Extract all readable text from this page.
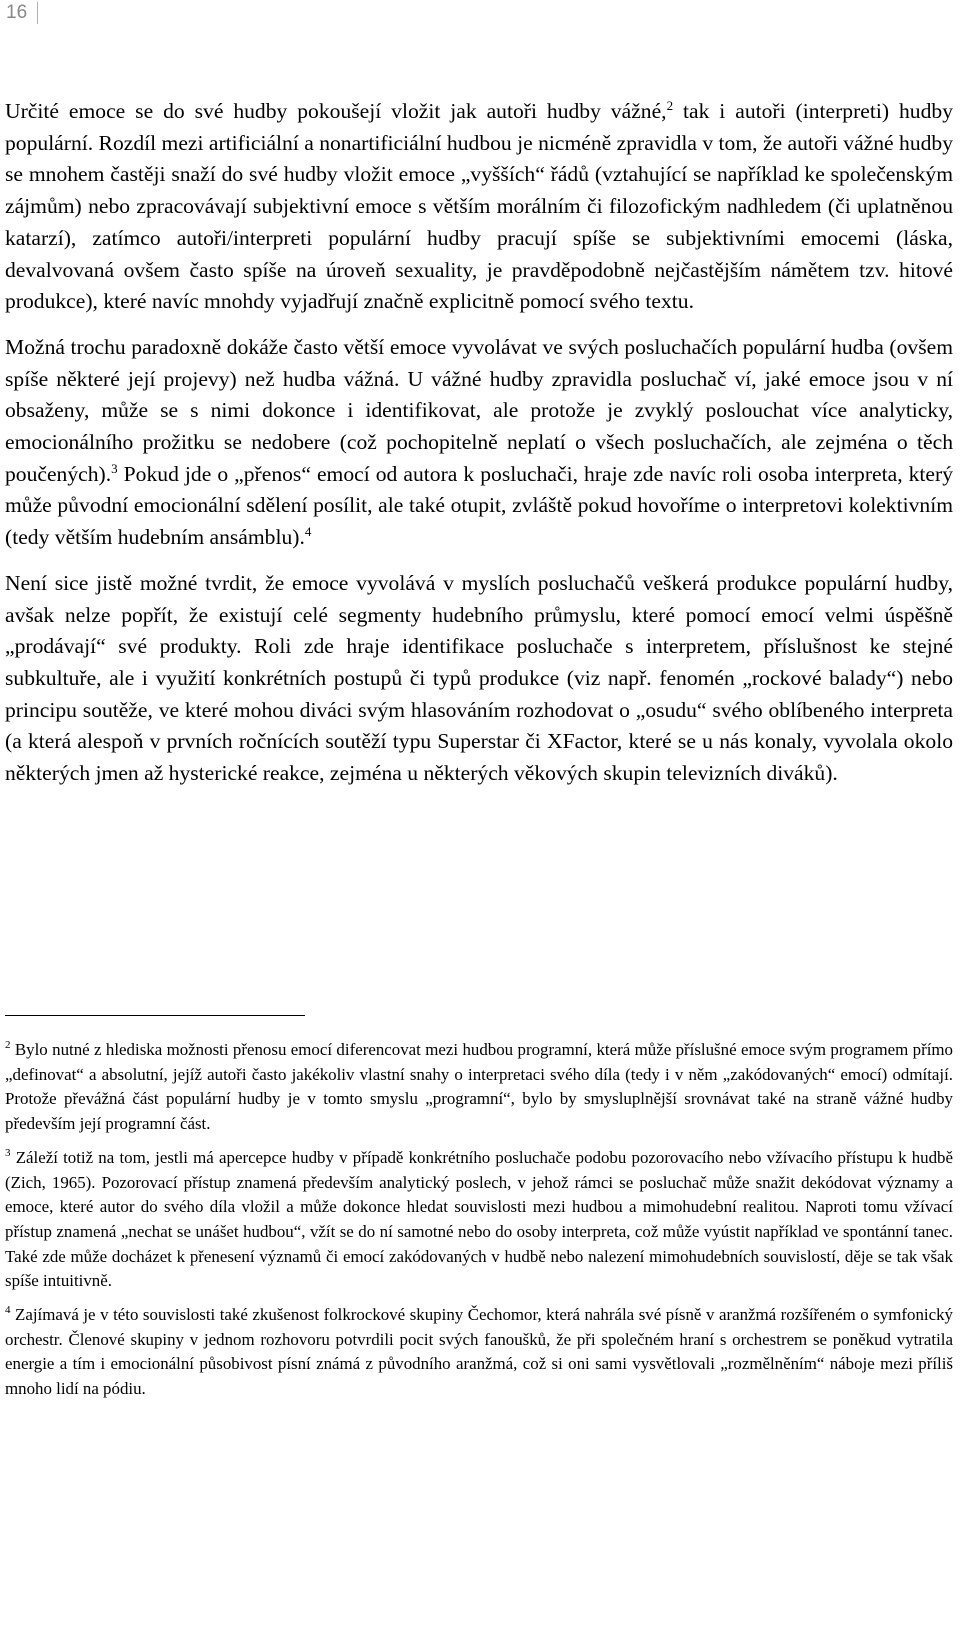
16

Určité emoce se do své hudby pokoušejí vložit jak autoři hudby vážné,$^2$ tak i autoři (interpreti) hudby populární. Rozdíl mezi artificiální a nonartificiální hudbou je nicméně zpravidla v tom, že autoři vážné hudby se mnohem častěji snaží do své hudby vložit emoce „vyšších“ řádů (vztahující se například ke společenským zájmům) nebo zpracovávají subjektivní emoce s větším morálním či filozofickým nadhledem (či uplatněnou katarzí), zatímco autoři/interpreti populární hudby pracují spíše se subjektivními emocemi (láska, devalvovaná ovšem často spíše na úroveň sexuality, je pravděpodobně nejčastějším námětem tzv. hitové produkce), které navíc mnohdy vyjadřují značně explicitně pomocí svého textu.

Možná trochu paradoxně dokáže často větší emoce vyvolávat ve svých posluchačích populární hudba (ovšem spíše některé její projevy) než hudba vážná. U vážné hudby zpravidla posluchač ví, jaké emoce jsou v ní obsaženy, může se s nimi dokonce i identifikovat, ale protože je zvyklý poslouchat více analyticky, emocionálního prožitku se nedobere (což pochopitelně neplatí o všech posluchačích, ale zejména o těch poučených).$^3$ Pokud jde o „přenos“ emocí od autora k posluchači, hraje zde navíc roli osoba interpreta, který může původní emocionální sdělení posílit, ale také otupit, zvláště pokud hovoříme o interpretovi kolektivním (tedy větším hudebním ansámblu).$^4$

Není sice jistě možné tvrdit, že emoce vyvolává v myslích posluchačů veškerá produkce populární hudby, avšak nelze popřít, že existují celé segmenty hudebního průmyslu, které pomocí emocí velmi úspěšně „prodávají“ své produkty. Roli zde hraje identifikace posluchače s interpretem, příslušnost ke stejné subkultuře, ale i využití konkrétních postupů či typů produkce (viz např. fenomén „rockové balady“) nebo principu soutěže, ve které mohou diváci svým hlasováním rozhodovat o „osudu“ svého oblíbeného interpreta (a která alespoň v prvních ročnících soutěží typu Superstar či XFactor, které se u nás konaly, vyvolala okolo některých jmen až hysterické reakce, zejména u některých věkových skupin televizních diváků).

$^2$ Bylo nutné z hlediska možnosti přenosu emocí diferencovat mezi hudbou programní, která může příslušné emoce svým programem přímo „definovat“ a absolutní, jejíž autoři často jakékoliv vlastní snahy o interpretaci svého díla (tedy i v něm „zakódovaných“ emocí) odmítají. Protože převážná část populární hudby je v tomto smyslu „programní“, bylo by smysluplnější srovnávat také na straně vážné hudby především její programní část.

$^3$ Záleží totiž na tom, jestli má apercepce hudby v případě konkrétního posluchače podobu pozorovacího nebo vžívacího přístupu k hudbě (Zich, 1965). Pozorovací přístup znamená především analytický poslech, v jehož rámci se posluchač může snažit dekódovat významy a emoce, které autor do svého díla vložil a může dokonce hledat souvislosti mezi hudbou a mimohudební realitou. Naproti tomu vžívací přístup znamená „nechat se unášet hudbou“, vžít se do ní samotné nebo do osoby interpreta, což může vyústit například ve spontánní tanec. Také zde může docházet k přenesení významů či emocí zakódovaných v hudbě nebo nalezení mimohudebních souvislostí, děje se tak však spíše intuitivně.

$^4$ Zajímavá je v této souvislosti také zkušenost folkrockové skupiny Čechomor, která nahrála své písně v aranžmá rozšířeném o symfonický orchestr. Členové skupiny v jednom rozhovoru potvrdili pocit svých fanoušků, že při společném hraní s orchestrem se poněkud vytratila energie a tím i emocionální působivost písní známá z původního aranžmá, což si oni sami vysvětlovali „rozmělněním“ náboje mezi příliš mnoho lidí na pódiu.
